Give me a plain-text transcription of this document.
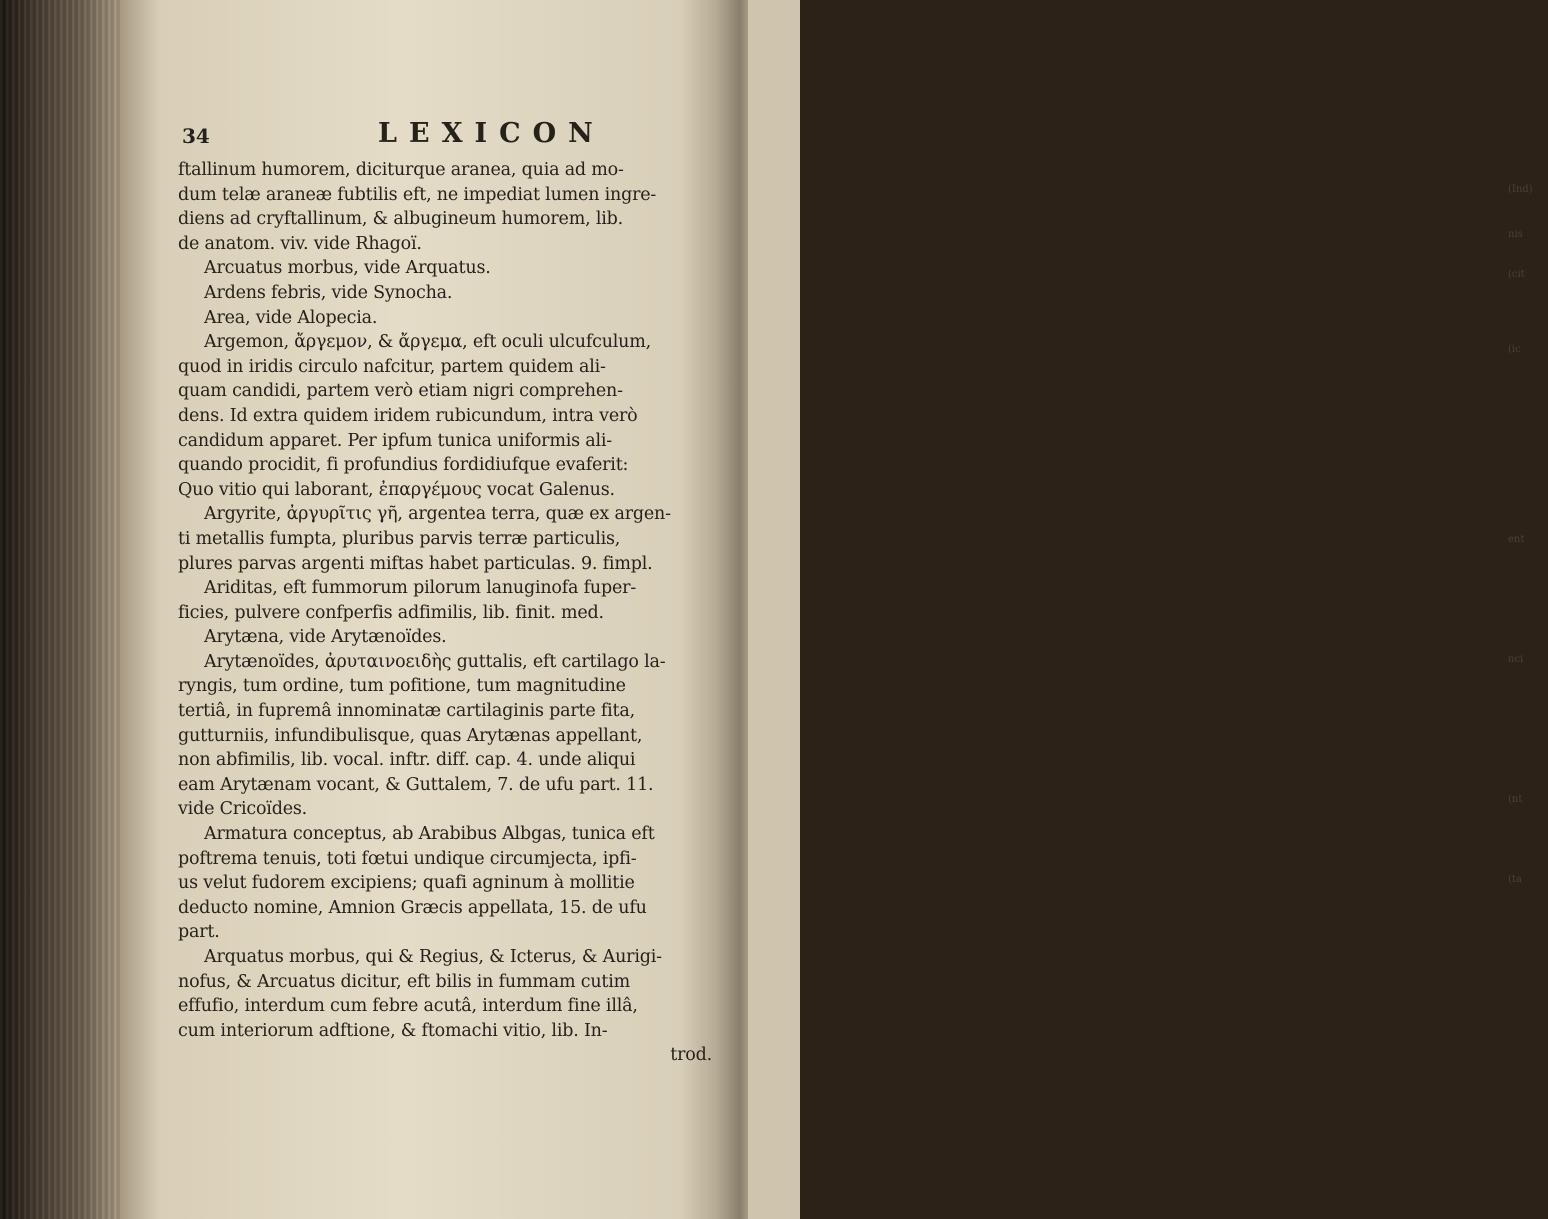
(Ind)
nis
(cit
(ic
ent
nci
(nt
(ta
34	LEXICON
ftallinum humorem, diciturque aranea, quia ad mo-
dum telæ araneæ fubtilis eft, ne impediat lumen ingre-
diens ad cryftallinum, & albugineum humorem, lib.
de anatom. viv. vide Rhagoï.
Arcuatus morbus, vide Arquatus.
Ardens febris, vide Synocha.
Area, vide Alopecia.
Argemon, ἄργεμον, & ἄργεμα, eft oculi ulcufculum,
quod in iridis circulo nafcitur, partem quidem ali-
quam candidi, partem verò etiam nigri comprehen-
dens. Id extra quidem iridem rubicundum, intra verò
candidum apparet. Per ipfum tunica uniformis ali-
quando procidit, fi profundius fordidiufque evaferit:
Quo vitio qui laborant, ἐπαργέμους vocat Galenus.
Argyrite, ἀργυρῖτις γῆ, argentea terra, quæ ex argen-
ti metallis fumpta, pluribus parvis terræ particulis,
plures parvas argenti miftas habet particulas. 9. fimpl.
Ariditas, eft fummorum pilorum lanuginofa fuper-
ficies, pulvere confperfis adfimilis, lib. finit. med.
Arytæna, vide Arytænoïdes.
Arytænoïdes, ἀρυταινοειδὴς guttalis, eft cartilago la-
ryngis, tum ordine, tum pofitione, tum magnitudine
tertiâ, in fupremâ innominatæ cartilaginis parte fita,
gutturniis, infundibulisque, quas Arytænas appellant,
non abfimilis, lib. vocal. inftr. diff. cap. 4. unde aliqui
eam Arytænam vocant, & Guttalem, 7. de ufu part. 11.
vide Cricoïdes.
Armatura conceptus, ab Arabibus Albgas, tunica eft
poftrema tenuis, toti fœtui undique circumjecta, ipfi-
us velut fudorem excipiens; quafi agninum à mollitie
deducto nomine, Amnion Græcis appellata, 15. de ufu
part.
Arquatus morbus, qui & Regius, & Icterus, & Aurigi-
nofus, & Arcuatus dicitur, eft bilis in fummam cutim
effufio, interdum cum febre acutâ, interdum fine illâ,
cum interiorum adftione, & ftomachi vitio, lib. In-
trod.
